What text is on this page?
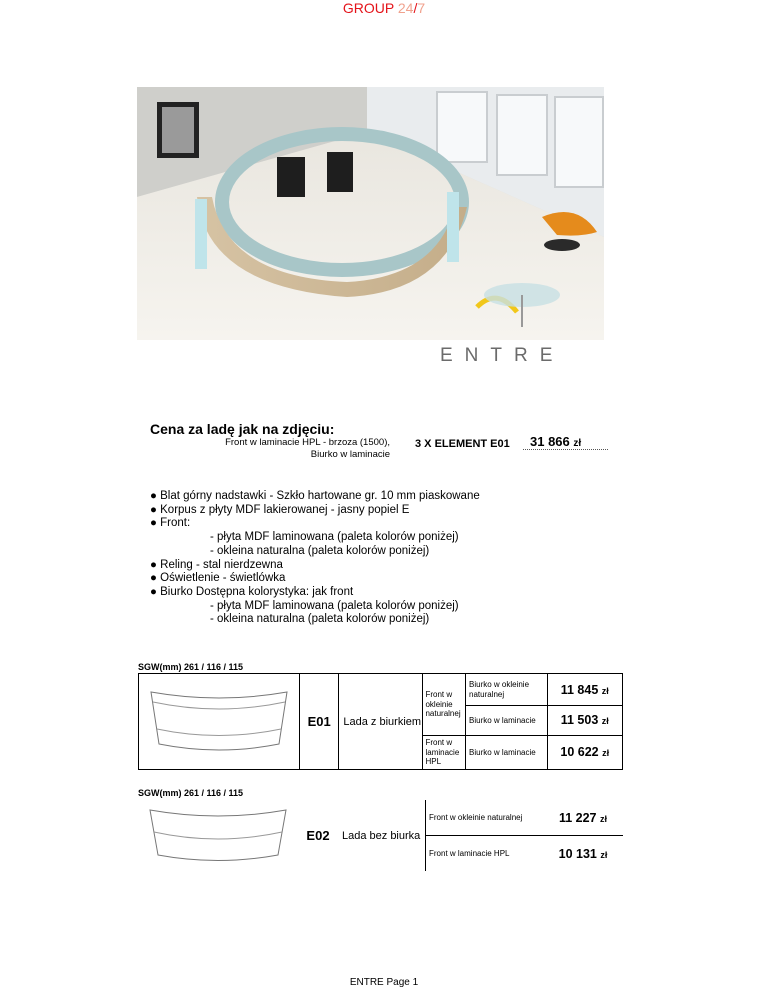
GROUP 24/7
ENTRE
Cena za ladę jak na zdjęciu:
Front w laminacie HPL - brzoza (1500),
Biurko w laminacie
3 X ELEMENT E01 31 866 zł
● Blat górny nadstawki - Szkło hartowane gr. 10 mm piaskowane
● Korpus z płyty MDF lakierowanej - jasny popiel E
● Front:
- płyta MDF laminowana (paleta kolorów poniżej)
- okleina naturalna (paleta kolorów poniżej)
● Reling - stal nierdzewna
● Oświetlenie - świetlówka
● Biurko Dostępna kolorystyka: jak front
- płyta MDF laminowana (paleta kolorów poniżej)
- okleina naturalna (paleta kolorów poniżej)
SGW(mm) 261 / 116 / 115
	E01	Lada z biurkiem	Front w okleinie naturalnej	Biurko w okleinie naturalnej	11 845 zł
				Biurko w laminacie	11 503 zł
			Front w laminacie HPL	Biurko w laminacie	10 622 zł
SGW(mm) 261 / 116 / 115
	E02	Lada bez biurka	Front w okleinie naturalnej	11 227 zł
			Front w laminacie HPL	10 131 zł
ENTRE Page 1
